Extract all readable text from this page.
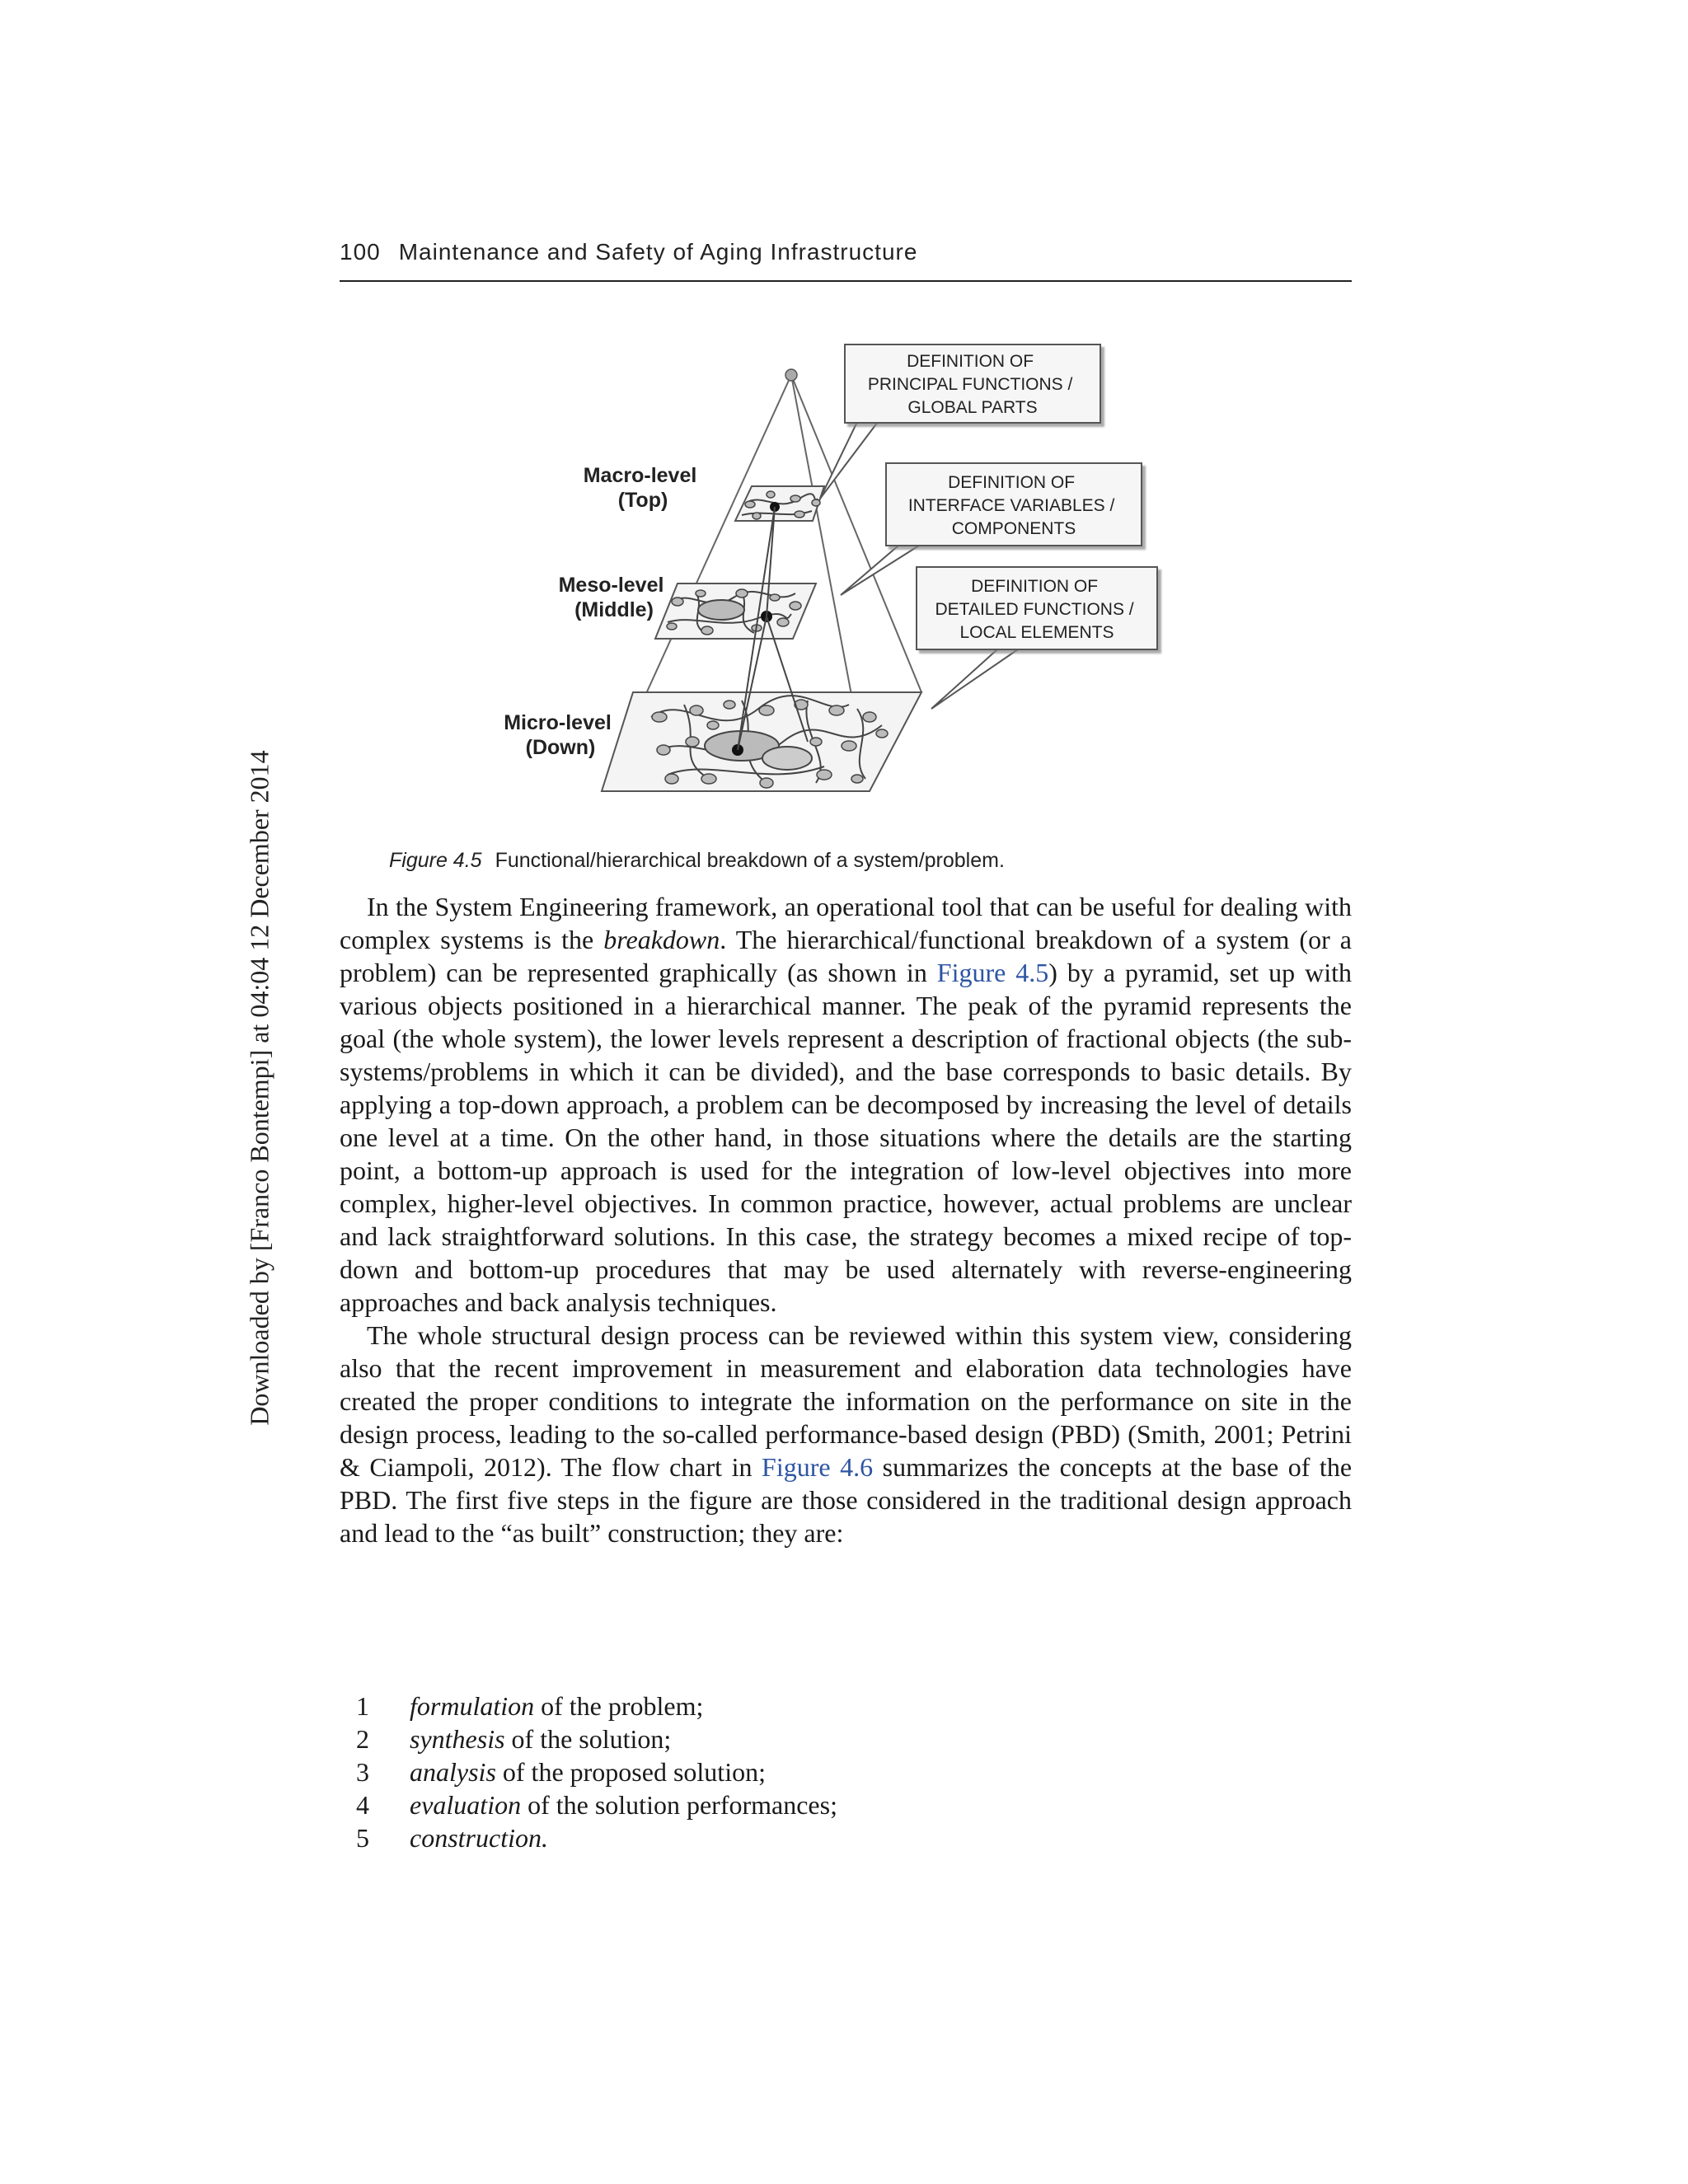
100 Maintenance and Safety of Aging Infrastructure
Downloaded by [Franco Bontempi] at 04:04 12 December 2014
Macro-level (Top)
Meso-level (Middle)
Micro-level (Down)
DEFINITION OF PRINCIPAL FUNCTIONS / GLOBAL PARTS
DEFINITION OF INTERFACE VARIABLES / COMPONENTS
DEFINITION OF DETAILED FUNCTIONS / LOCAL ELEMENTS
Figure 4.5 Functional/hierarchical breakdown of a system/problem.

In the System Engineering framework, an operational tool that can be useful for dealing with complex systems is the breakdown. The hierarchical/functional breakdown of a system (or a problem) can be represented graphically (as shown in Figure 4.5) by a pyramid, set up with various objects positioned in a hierarchical manner. The peak of the pyramid represents the goal (the whole system), the lower levels represent a description of fractional objects (the sub-systems/problems in which it can be divided), and the base corresponds to basic details. By applying a top-down approach, a problem can be decomposed by increasing the level of details one level at a time. On the other hand, in those situations where the details are the starting point, a bottom-up approach is used for the integration of low-level objectives into more complex, higher-level objectives. In common practice, however, actual problems are unclear and lack straightforward solutions. In this case, the strategy becomes a mixed recipe of top-down and bottom-up procedures that may be used alternately with reverse-engineering approaches and back analysis techniques.

The whole structural design process can be reviewed within this system view, considering also that the recent improvement in measurement and elaboration data technologies have created the proper conditions to integrate the information on the performance on site in the design process, leading to the so-called performance-based design (PBD) (Smith, 2001; Petrini & Ciampoli, 2012). The flow chart in Figure 4.6 summarizes the concepts at the base of the PBD. The first five steps in the figure are those considered in the traditional design approach and lead to the “as built” construction; they are:

1	formulation of the problem;
2	synthesis of the solution;
3	analysis of the proposed solution;
4	evaluation of the solution performances;
5	construction.
